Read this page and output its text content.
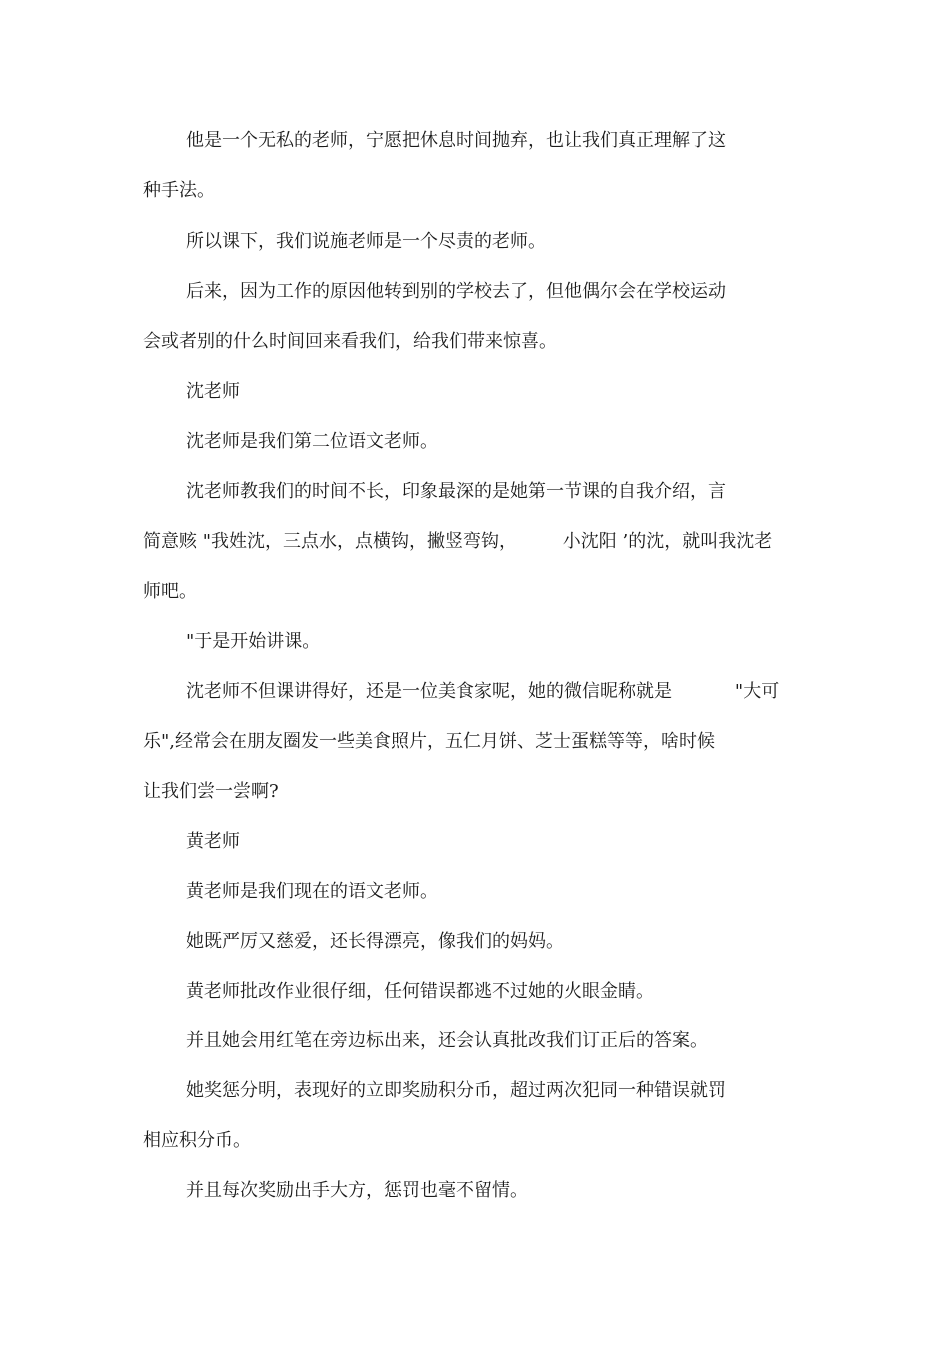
他是一个无私的老师，宁愿把休息时间抛弃，也让我们真正理解了这
种手法。
所以课下，我们说施老师是一个尽责的老师。
后来，因为工作的原因他转到别的学校去了，但他偶尔会在学校运动
会或者别的什么时间回来看我们，给我们带来惊喜。
沈老师
沈老师是我们第二位语文老师。
沈老师教我们的时间不长，印象最深的是她第一节课的自我介绍，言
简意赅 "我姓沈，三点水，点横钩，撇竖弯钩，        小沈阳 ’的沈，就叫我沈老
师吧。
"于是开始讲课。
沈老师不但课讲得好，还是一位美食家呢，她的微信昵称就是           "大可
乐",经常会在朋友圈发一些美食照片，五仁月饼、芝士蛋糕等等，啥时候
让我们尝一尝啊?
黄老师
黄老师是我们现在的语文老师。
她既严厉又慈爱，还长得漂亮，像我们的妈妈。
黄老师批改作业很仔细，任何错误都逃不过她的火眼金睛。
并且她会用红笔在旁边标出来，还会认真批改我们订正后的答案。
她奖惩分明，表现好的立即奖励积分币，超过两次犯同一种错误就罚
相应积分币。
并且每次奖励出手大方，惩罚也毫不留情。
